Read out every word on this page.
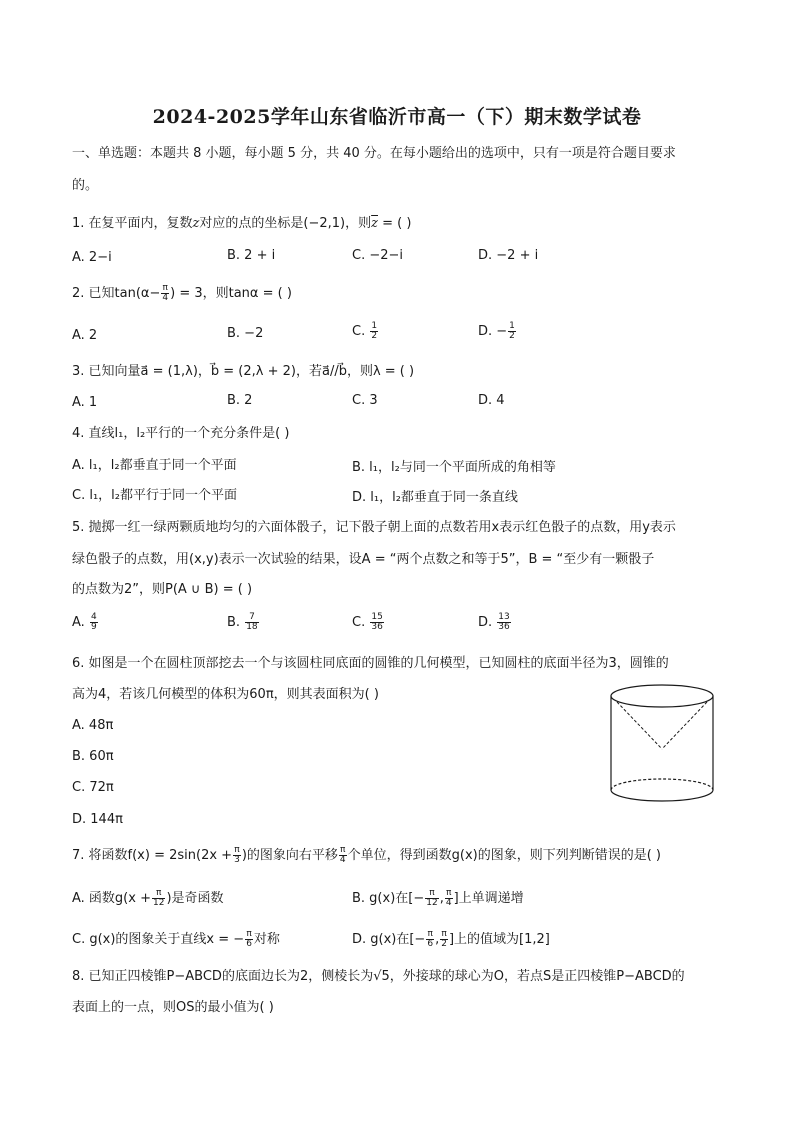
2024-2025学年山东省临沂市高一（下）期末数学试卷
一、单选题：本题共 8 小题，每小题 5 分，共 40 分。在每小题给出的选项中，只有一项是符合题目要求
的。
1. 在复平面内，复数z对应的点的坐标是(−2,1)，则$\overline{z}$ = ( )
A. 2−i	B. 2 + i	C. −2−i	D. −2 + i
2. 已知$\tan(\alpha- \frac{\pi}{4}$ ) = 3，则tanα = ( )
A. 2	B. −2	C. $\frac{1}{2}$	D. − $\frac{1}{2}$
3. 已知向量a⃗ = (1,λ)，b⃗ = (2,λ + 2)，若a⃗//b⃗，则λ = ( )
A. 1	B. 2	C. 3	D. 4
4. 直线l₁，l₂平行的一个充分条件是( )
A. l₁，l₂都垂直于同一个平面	B. l₁，l₂与同一个平面所成的角相等
C. l₁，l₂都平行于同一个平面	D. l₁，l₂都垂直于同一条直线
5. 抛掷一红一绿两颗质地均匀的六面体骰子，记下骰子朝上面的点数若用x表示红色骰子的点数，用y表示
绿色骰子的点数，用(x,y)表示一次试验的结果，设A = “两个点数之和等于5”，B = “至少有一颗骰子
的点数为2”，则P(A ∪ B) = ( )
A. $\frac{4}{9}$	B. $\frac{7}{18}$	C. $\frac{15}{36}$	D. $\frac{13}{36}$
6. 如图是一个在圆柱顶部挖去一个与该圆柱同底面的圆锥的几何模型，已知圆柱的底面半径为3，圆锥的
高为4，若该几何模型的体积为60π，则其表面积为( )
A. 48π
B. 60π
C. 72π
D. 144π
7. 将函数$f(x) = 2\sin(2x + \frac{\pi}{3}$ )的图象向右平移 $\frac{\pi}{4}$ 个单位，得到函数g(x)的图象，则下列判断错误的是( )
A. 函数$g(x + \frac{\pi}{12}$ )是奇函数	B. g(x)在[− $\frac{\pi}{12}$ , $\frac{\pi}{4}$ ]上单调递增
C. g(x)的图象关于直线x = − $\frac{\pi}{6}$ 对称	D. g(x)在[− $\frac{\pi}{6}$ , $\frac{\pi}{2}$ ]上的值域为[1,2]
8. 已知正四棱锥P−ABCD的底面边长为2，侧棱长为√5，外接球的球心为O，若点S是正四棱锥P−ABCD的
表面上的一点，则OS的最小值为( )
